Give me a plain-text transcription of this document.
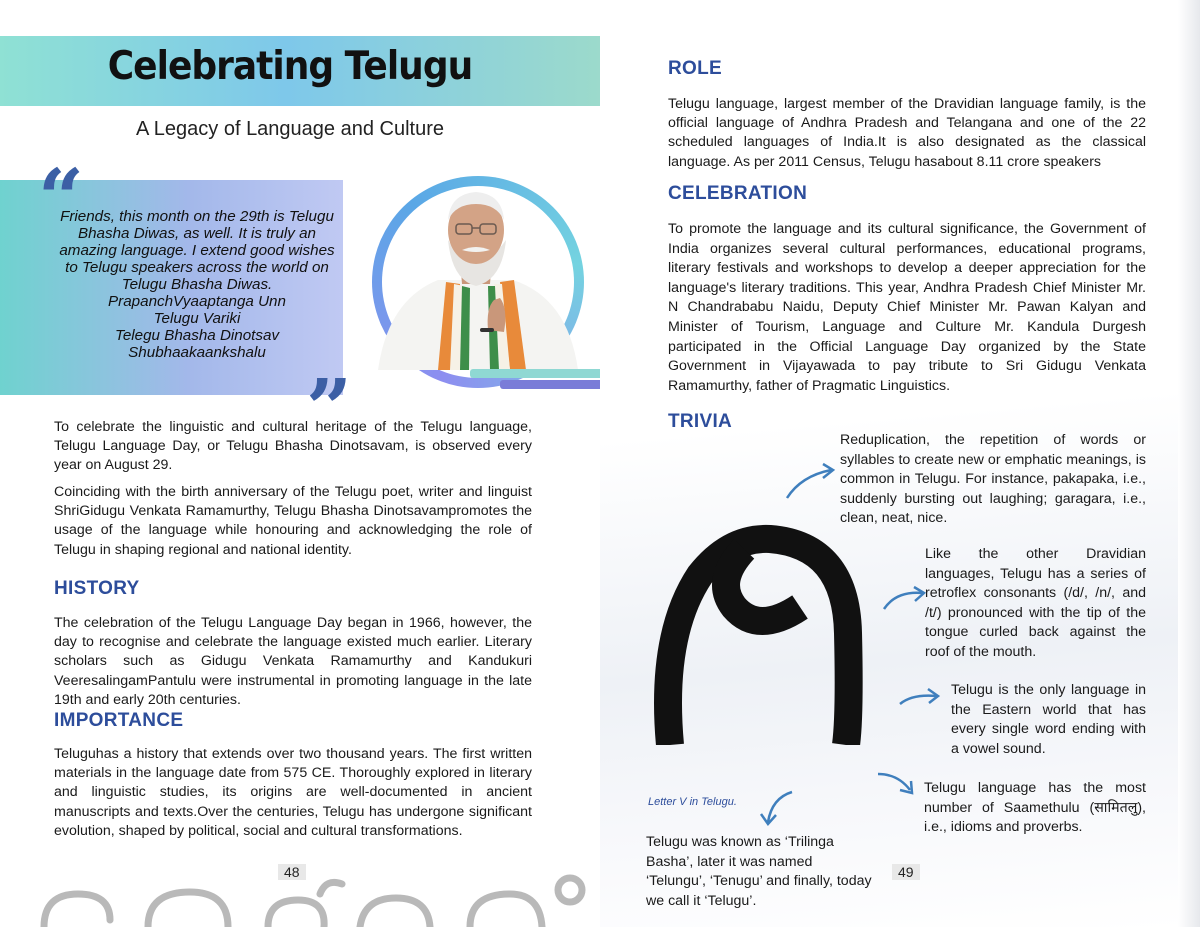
Celebrating Telugu
A Legacy of Language and Culture
“
”

Friends, this month on the 29th is Telugu Bhasha Diwas, as well. It is truly an amazing language. I extend good wishes to Telugu speakers across the world on Telugu Bhasha Diwas.

PrapanchVyaaptanga Unn

Telugu Variki

Telegu Bhasha Dinotsav

Shubhaakaankshalu

To celebrate the linguistic and cultural heritage of the Telugu language, Telugu Language Day, or Telugu Bhasha Dinotsavam, is observed every year on August 29.
Coinciding with the birth anniversary of the Telugu poet, writer and linguist ShriGidugu Venkata Ramamurthy, Telugu Bhasha Dinotsavampromotes the usage of the language while honouring and acknowledging the role of Telugu in shaping regional and national identity.
HISTORY
The celebration of the Telugu Language Day began in 1966, however, the day to recognise and celebrate the language existed much earlier. Literary scholars such as Gidugu Venkata Ramamurthy and Kandukuri VeeresalingamPantulu were instrumental in promoting language in the late 19th and early 20th centuries.
IMPORTANCE
Teluguhas a history that extends over two thousand years. The first written materials in the language date from 575 CE. Thoroughly explored in literary and linguistic studies, its origins are well-documented in ancient manuscripts and texts.Over the centuries, Telugu has undergone significant evolution, shaped by political, social and cultural transformations.
48
ROLE
Telugu language, largest member of the Dravidian language family, is the official language of Andhra Pradesh and Telangana and one of the 22 scheduled languages of India.It is also designated as the classical language. As per 2011 Census, Telugu hasabout 8.11 crore speakers
CELEBRATION
To promote the language and its cultural significance, the Government of India organizes several cultural performances, educational programs, literary festivals and workshops to develop a deeper appreciation for the language's literary traditions. This year, Andhra Pradesh Chief Minister Mr. N Chandrababu Naidu, Deputy Chief Minister Mr. Pawan Kalyan and Minister of Tourism, Language and Culture Mr. Kandula Durgesh participated in the Official Language Day organized by the State Government in Vijayawada to pay tribute to Sri Gidugu Venkata Ramamurthy, father of Pragmatic Linguistics.
TRIVIA
Letter V in Telugu.
Reduplication, the repetition of words or syllables to create new or emphatic meanings, is common in Telugu. For instance, pakapaka, i.e., suddenly bursting out laughing; garagara, i.e., clean, neat, nice.
Like the other Dravidian languages, Telugu has a series of retroflex consonants (/d/, /n/, and /t/) pronounced with the tip of the tongue curled back against the roof of the mouth.
Telugu is the only language in the Eastern world that has every single word ending with a vowel sound.
Telugu language has the most number of Saamethulu (सामितलु), i.e., idioms and proverbs.
Telugu was known as ‘Trilinga Basha’, later it was named ‘Telungu’, ‘Tenugu’ and finally, today we call it ‘Telugu’.
49
